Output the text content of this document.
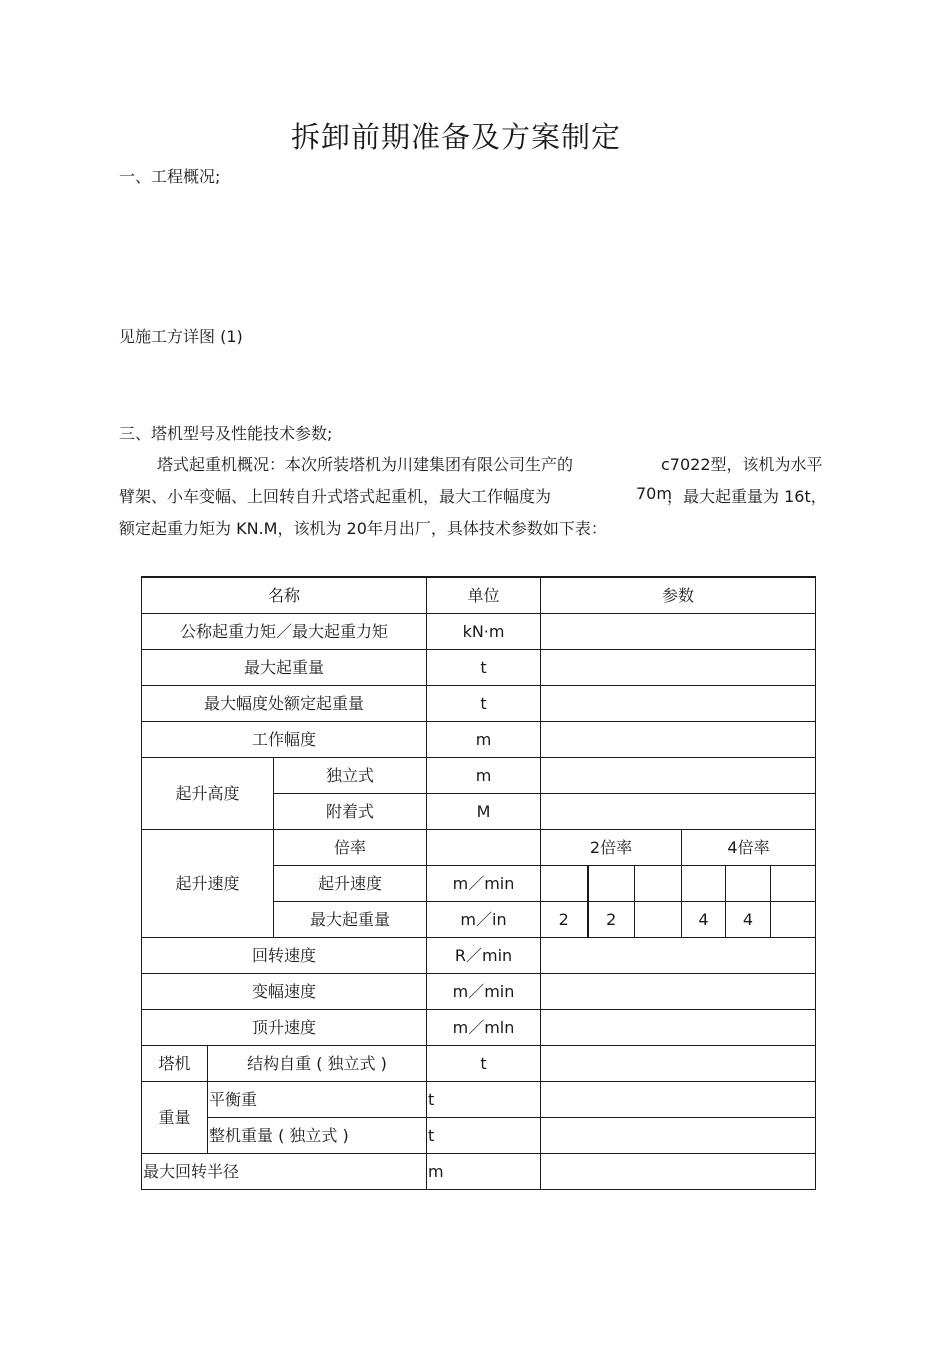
拆卸前期准备及方案制定
一、工程概况;
见施工方详图 (1)
三、塔机型号及性能技术参数;
塔式起重机概况：本次所装塔机为川建集团有限公司生产的	c7022型，该机为水平
臂架、小车变幅、上回转自升式塔式起重机，最大工作幅度为	70m
，最大起重量为 16t，
额定起重力矩为 KN.M，该机为 20年月出厂，具体技术参数如下表：
名称			单位	参数					
公称起重力矩／最大起重力矩			kN·m						
最大起重量			t						
最大幅度处额定起重量			t						
工作幅度			m						
起升高度		独立式	m						
		附着式	M						
起升速度		倍率		2倍率			4倍率		
		起升速度	m／min						
		最大起重量	m／in	2	2		4	4	
回转速度			R／min						
变幅速度			m／min						
顶升速度			m／mln						
塔机	结构自重 ( 独立式 )		t						
重量	平衡重		t						
	整机重量 ( 独立式 )		t						
最大回转半径			m						
